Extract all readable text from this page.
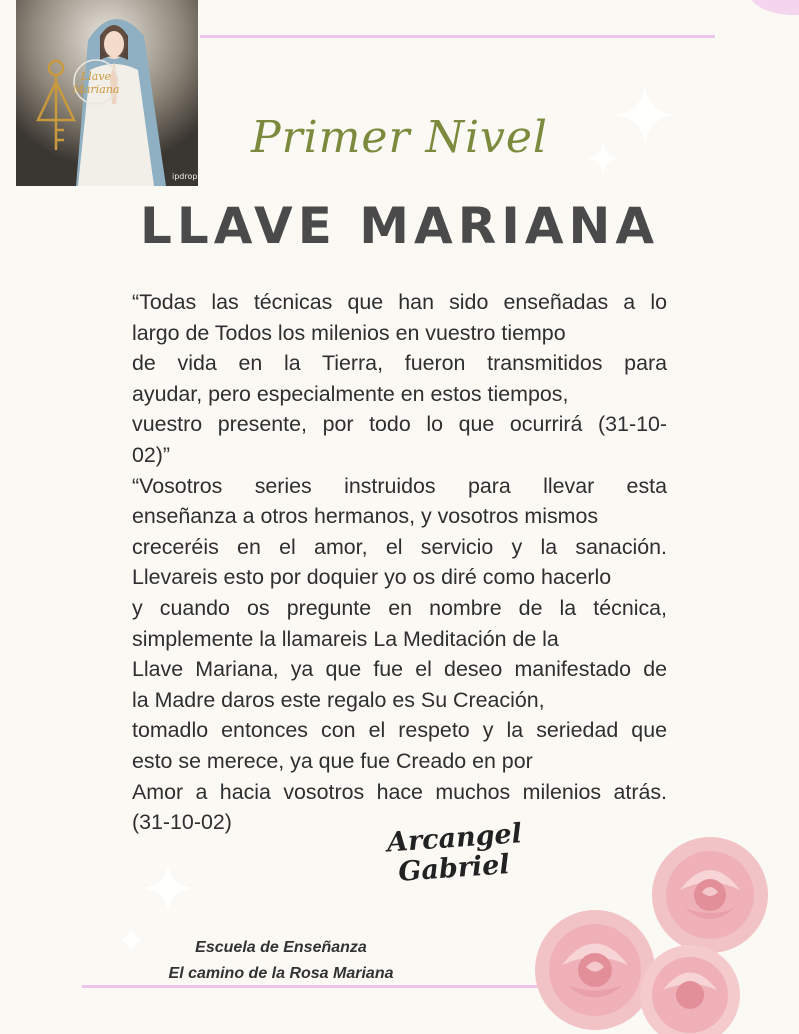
Llave
Mariana
ipdrop
Primer Nivel
LLAVE MARIANA
“Todas las técnicas que han sido enseñadas a lo
largo de Todos los milenios en vuestro tiempo
de vida en la Tierra, fueron transmitidos para
ayudar, pero especialmente en estos tiempos,
vuestro presente, por todo lo que ocurrirá (31-10-
02)”
“Vosotros series instruidos para llevar esta
enseñanza a otros hermanos, y vosotros mismos
creceréis en el amor, el servicio y la sanación.
Llevareis esto por doquier yo os diré como hacerlo
y cuando os pregunte en nombre de la técnica,
simplemente la llamareis La Meditación de la
Llave Mariana, ya que fue el deseo manifestado de
la Madre daros este regalo es Su Creación,
tomadlo entonces con el respeto y la seriedad que
esto se merece, ya que fue Creado en por
Amor a hacia vosotros hace muchos milenios atrás.
(31-10-02)	Arcangel
Gabriel
Escuela de Enseñanza
El camino de la Rosa Mariana
